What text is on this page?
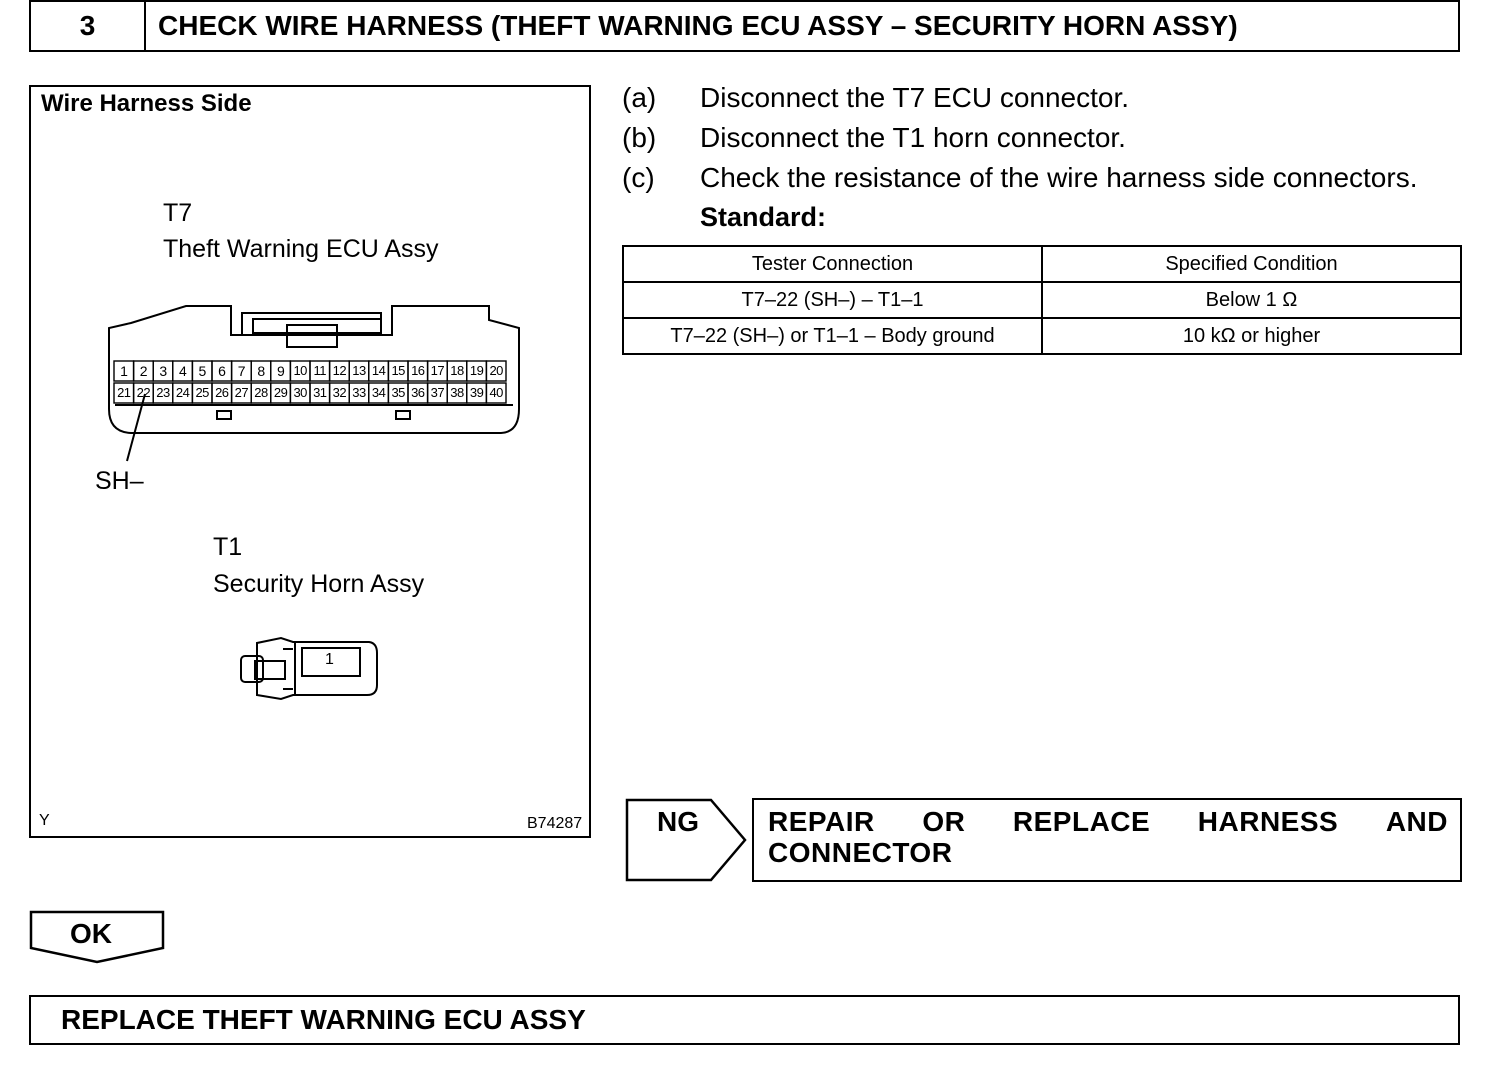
3	CHECK WIRE HARNESS (THEFT WARNING ECU ASSY – SECURITY HORN ASSY)
Wire Harness Side
T7
Theft Warning ECU Assy
SH–
T1
Security Horn Assy
1
Y	B74287
1 2 3 4 5 6 7 8 9 10 11 12 13 14 15 16 17 18 19 20
21 22 23 24 25 26 27 28 29 30 31 32 33 34 35 36 37 38 39 40
(a) Disconnect the T7 ECU connector.
(b) Disconnect the T1 horn connector.
(c) Check the resistance of the wire harness side connectors.
Standard:
Tester Connection	Specified Condition
T7–22 (SH–) – T1–1	Below 1 Ω
T7–22 (SH–) or T1–1 – Body ground	10 kΩ or higher
NG REPAIR OR REPLACE HARNESS AND
CONNECTOR
OK
REPLACE THEFT WARNING ECU ASSY
